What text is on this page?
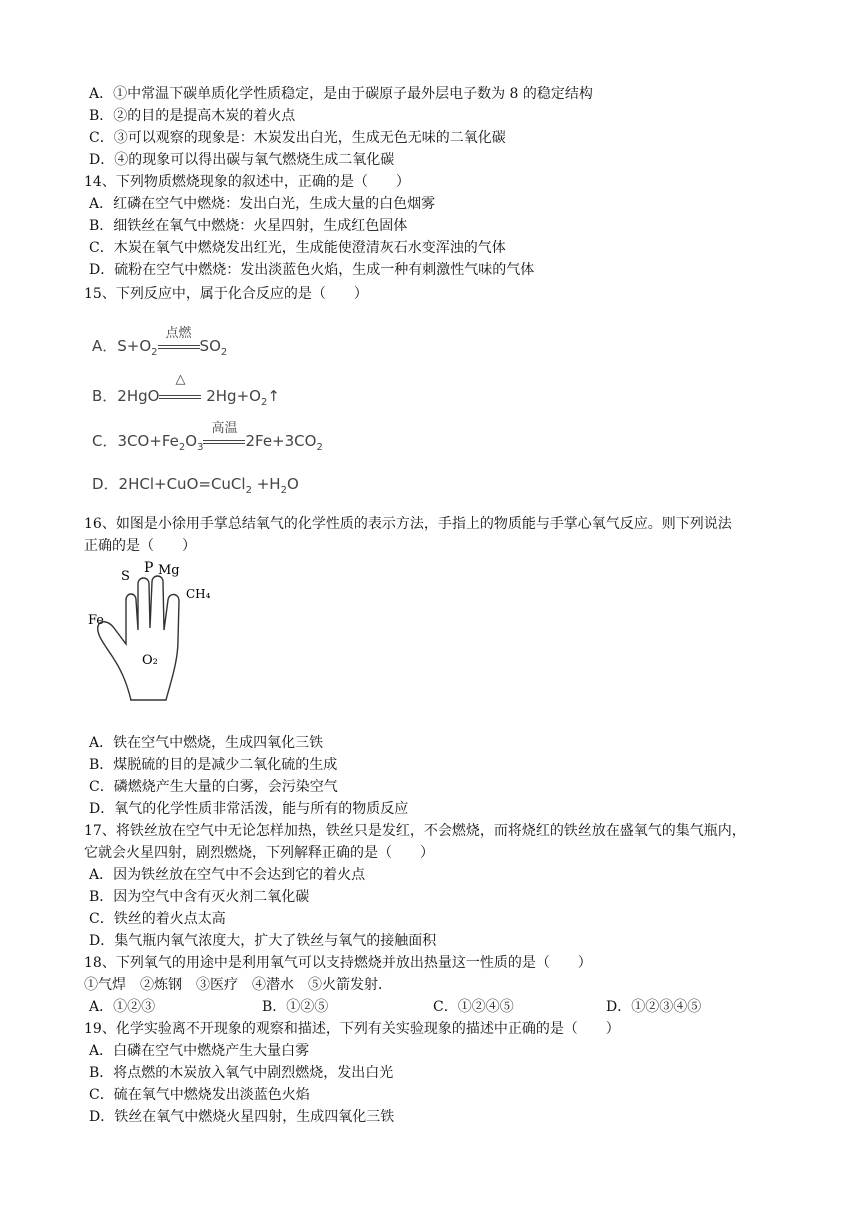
A．①中常温下碳单质化学性质稳定，是由于碳原子最外层电子数为 8 的稳定结构
B．②的目的是提高木炭的着火点
C．③可以观察的现象是：木炭发出白光，生成无色无味的二氧化碳
D．④的现象可以得出碳与氧气燃烧生成二氧化碳
14、下列物质燃烧现象的叙述中，正确的是（　　）
A．红磷在空气中燃烧：发出白光，生成大量的白色烟雾
B．细铁丝在氧气中燃烧：火星四射，生成红色固体
C．木炭在氧气中燃烧发出红光，生成能使澄清灰石水变浑浊的气体
D．硫粉在空气中燃烧：发出淡蓝色火焰，生成一种有刺激性气味的气体
15、下列反应中，属于化合反应的是（　　）
A．$S+O_2$
点燃
$SO_2$
B．2HgO
△
$2Hg+O_2↑$
C．$3CO+Fe_2O_3$
高温
$2Fe+3CO_2$
D．2HCl+CuO=CuCl$_2$ $+H_2O$
16、如图是小徐用手掌总结氧气的化学性质的表示方法，手指上的物质能与手掌心氧气反应。则下列说法
正确的是（　　）
S
P Mg
CH₄
Fe
O₂
A．铁在空气中燃烧，生成四氧化三铁
B．煤脱硫的目的是减少二氧化硫的生成
C．磷燃烧产生大量的白雾，会污染空气
D．氧气的化学性质非常活泼，能与所有的物质反应
17、将铁丝放在空气中无论怎样加热，铁丝只是发红，不会燃烧，而将烧红的铁丝放在盛氧气的集气瓶内，
它就会火星四射，剧烈燃烧，下列解释正确的是（　　）
A．因为铁丝放在空气中不会达到它的着火点
B．因为空气中含有灭火剂二氧化碳
C．铁丝的着火点太高
D．集气瓶内氧气浓度大，扩大了铁丝与氧气的接触面积
18、下列氧气的用途中是利用氧气可以支持燃烧并放出热量这一性质的是（　　）
①气焊　②炼钢　③医疗　④潜水　⑤火箭发射．
A．①②③	B．①②⑤	C．①②④⑤	D．①②③④⑤
19、化学实验离不开现象的观察和描述，下列有关实验现象的描述中正确的是（　　）
A．白磷在空气中燃烧产生大量白雾
B．将点燃的木炭放入氧气中剧烈燃烧，发出白光
C．硫在氧气中燃烧发出淡蓝色火焰
D．铁丝在氧气中燃烧火星四射，生成四氧化三铁
